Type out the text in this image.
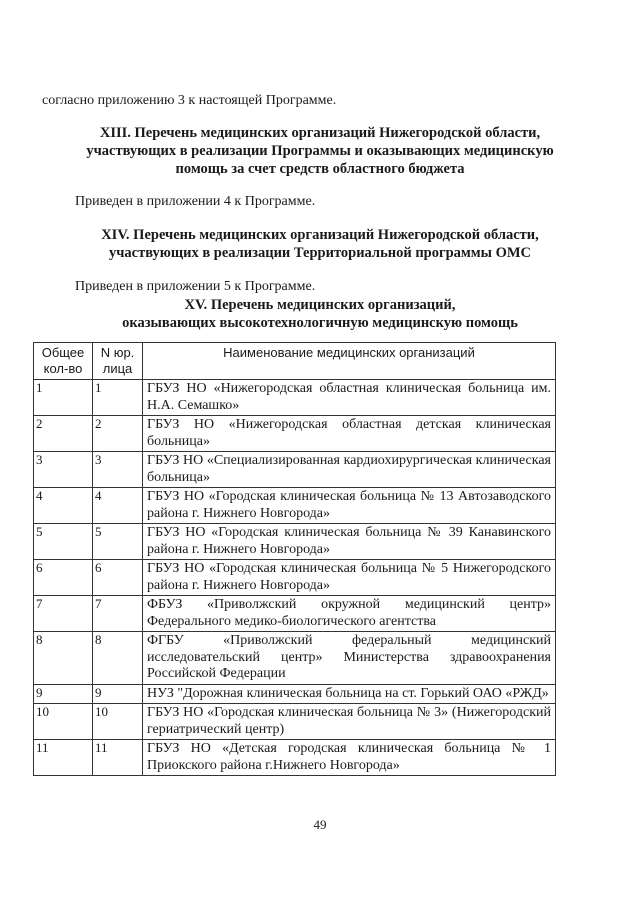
согласно приложению 3 к настоящей Программе.
XIII. Перечень медицинских организаций Нижегородской области,
участвующих в реализации Программы и оказывающих медицинскую
помощь за счет средств областного бюджета
Приведен в приложении 4 к Программе.
XIV. Перечень медицинских организаций Нижегородской области,
участвующих в реализации Территориальной программы ОМС
Приведен в приложении 5 к Программе.
XV. Перечень медицинских организаций,
оказывающих высокотехнологичную медицинскую помощь
Общее кол-во	N юр. лица	Наименование медицинских организаций
1	1	ГБУЗ НО «Нижегородская областная клиническая больница им. Н.А. Семашко»
2	2	ГБУЗ НО «Нижегородская областная детская клиническая больница»
3	3	ГБУЗ НО «Специализированная кардиохирургическая клиническая больница»
4	4	ГБУЗ НО «Городская клиническая больница № 13 Автозаводского района г. Нижнего Новгорода»
5	5	ГБУЗ НО «Городская клиническая больница № 39 Канавинского района г. Нижнего Новгорода»
6	6	ГБУЗ НО «Городская клиническая больница № 5 Нижегородского района г. Нижнего Новгорода»
7	7	ФБУЗ «Приволжский окружной медицинский центр» Федерального медико-биологического агентства
8	8	ФГБУ «Приволжский федеральный медицинский исследовательский центр» Министерства здравоохранения Российской Федерации
9	9	НУЗ "Дорожная клиническая больница на ст. Горький ОАО «РЖД»
10	10	ГБУЗ НО «Городская клиническая больница № 3» (Нижегородский гериатрический центр)
11	11	ГБУЗ НО «Детская городская клиническая больница № 1 Приокского района г.Нижнего Новгорода»
49
